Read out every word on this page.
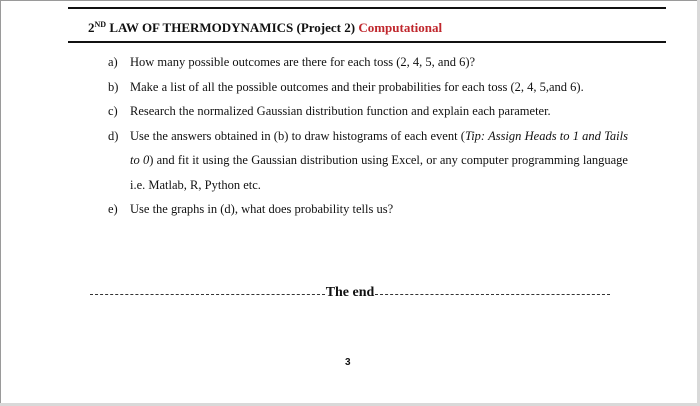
2ND LAW OF THERMODYNAMICS (Project 2) Computational
a) How many possible outcomes are there for each toss (2, 4, 5, and 6)?
b) Make a list of all the possible outcomes and their probabilities for each toss (2, 4, 5,and 6).
c) Research the normalized Gaussian distribution function and explain each parameter.
d) Use the answers obtained in (b) to draw histograms of each event (Tip: Assign Heads to 1 and Tails to 0) and fit it using the Gaussian distribution using Excel, or any computer programming language i.e. Matlab, R, Python etc.
e) Use the graphs in (d), what does probability tells us?
The end
3
